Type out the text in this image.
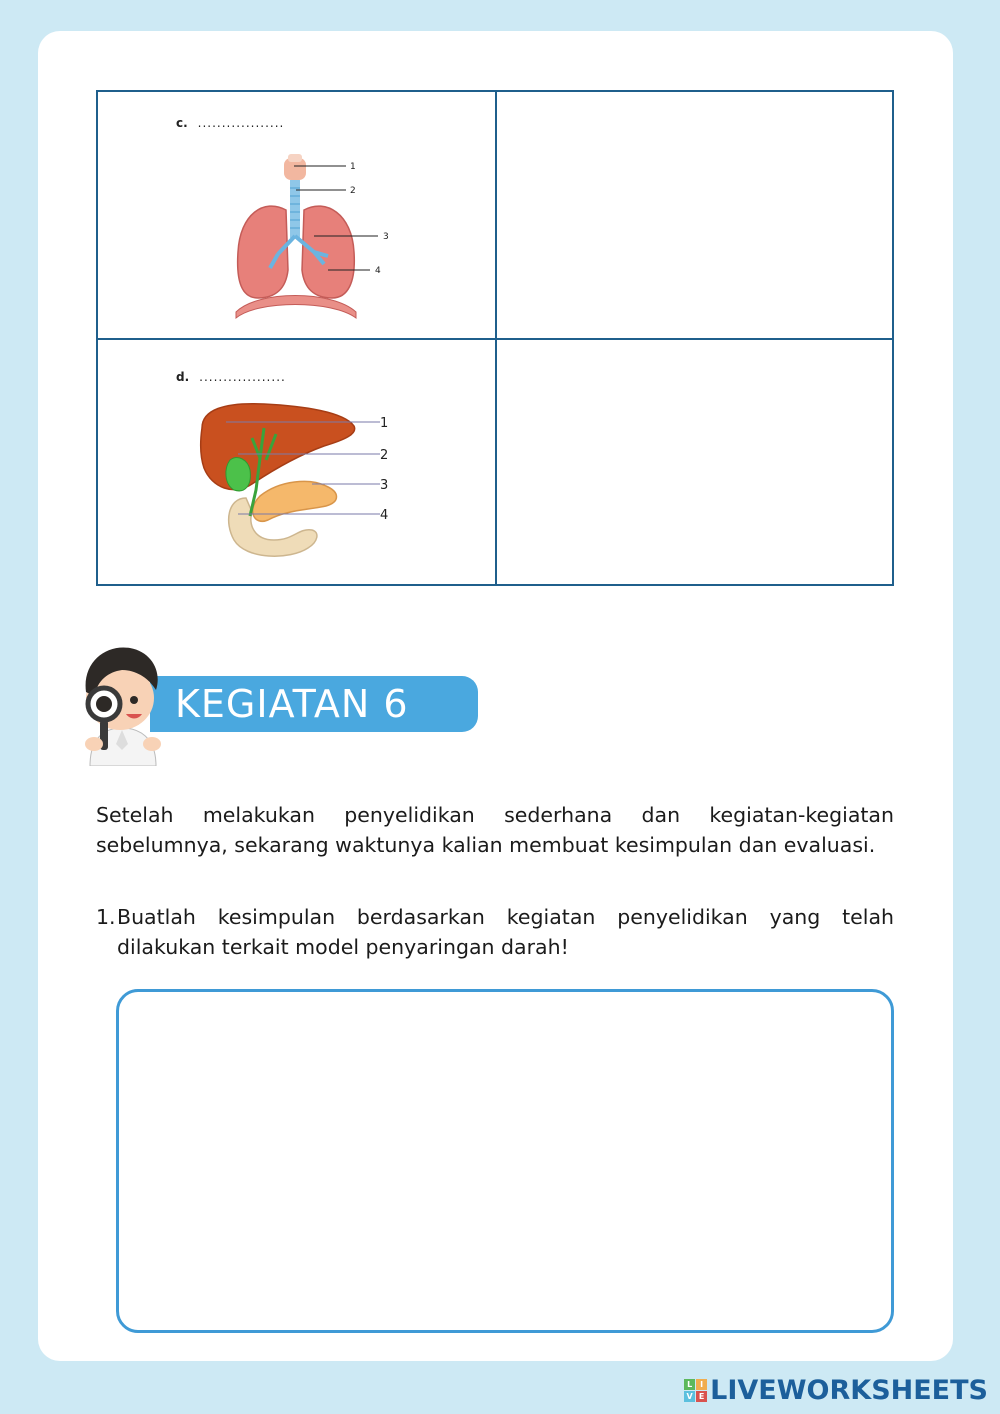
c. ..................
1
2
3
4
d. ..................
1
2
3
4
KEGIATAN 6

Setelah melakukan penyelidikan sederhana dan kegiatan-kegiatan sebelumnya, sekarang waktunya kalian membuat kesimpulan dan evaluasi.

1. Buatlah kesimpulan berdasarkan kegiatan penyelidikan yang telah dilakukan terkait model penyaringan darah!

L I
V E LIVEWORKSHEETS
